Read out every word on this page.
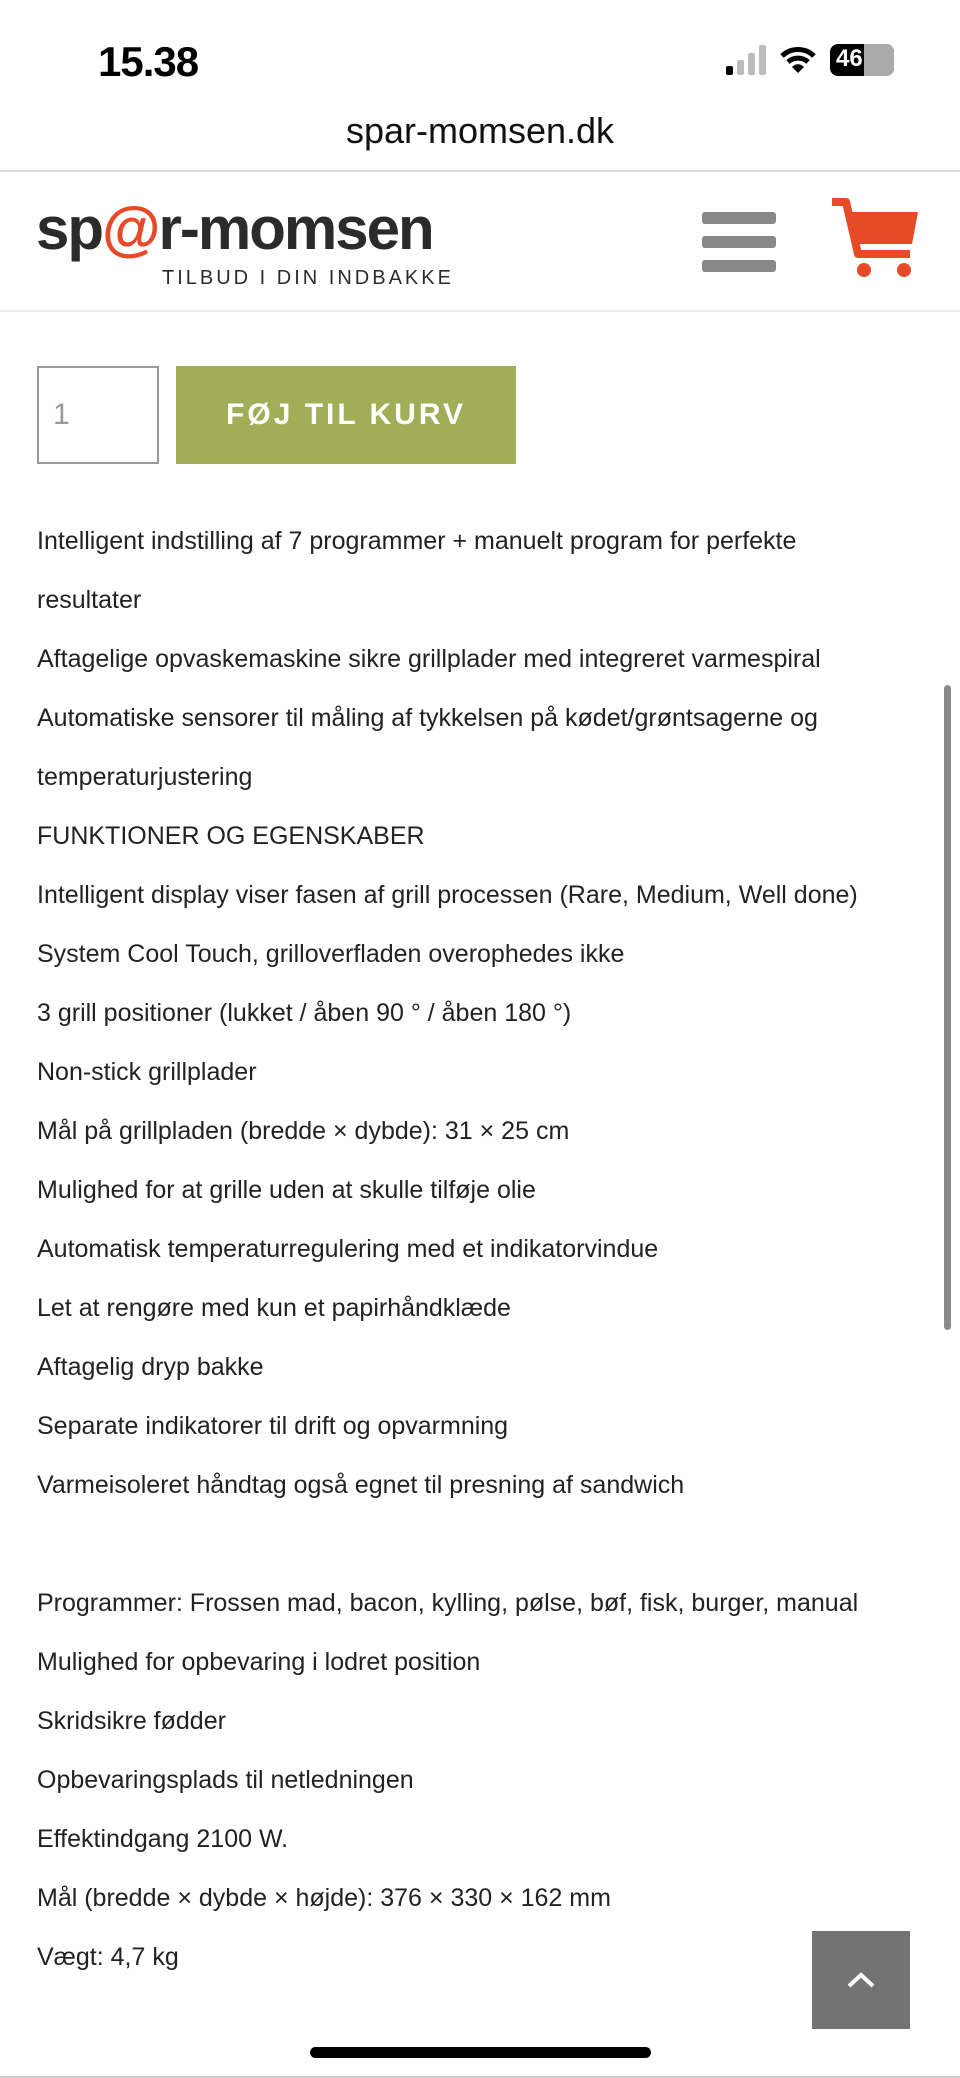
15.38	46
spar-momsen.dk
sp@r-momsen
TILBUD I DIN INDBAKKE
1	FØJ TIL KURV

Intelligent indstilling af 7 programmer + manuelt program for perfekte

resultater

Aftagelige opvaskemaskine sikre grillplader med integreret varmespiral

Automatiske sensorer til måling af tykkelsen på kødet/grøntsagerne og

temperaturjustering

FUNKTIONER OG EGENSKABER

Intelligent display viser fasen af grill processen (Rare, Medium, Well done)

System Cool Touch, grilloverfladen overophedes ikke

3 grill positioner (lukket / åben 90 ° / åben 180 °)

Non-stick grillplader

Mål på grillpladen (bredde × dybde): 31 × 25 cm

Mulighed for at grille uden at skulle tilføje olie

Automatisk temperaturregulering med et indikatorvindue

Let at rengøre med kun et papirhåndklæde

Aftagelig dryp bakke

Separate indikatorer til drift og opvarmning

Varmeisoleret håndtag også egnet til presning af sandwich

Programmer: Frossen mad, bacon, kylling, pølse, bøf, fisk, burger, manual

Mulighed for opbevaring i lodret position

Skridsikre fødder

Opbevaringsplads til netledningen

Effektindgang 2100 W.

Mål (bredde × dybde × højde): 376 × 330 × 162 mm

Vægt: 4,7 kg
